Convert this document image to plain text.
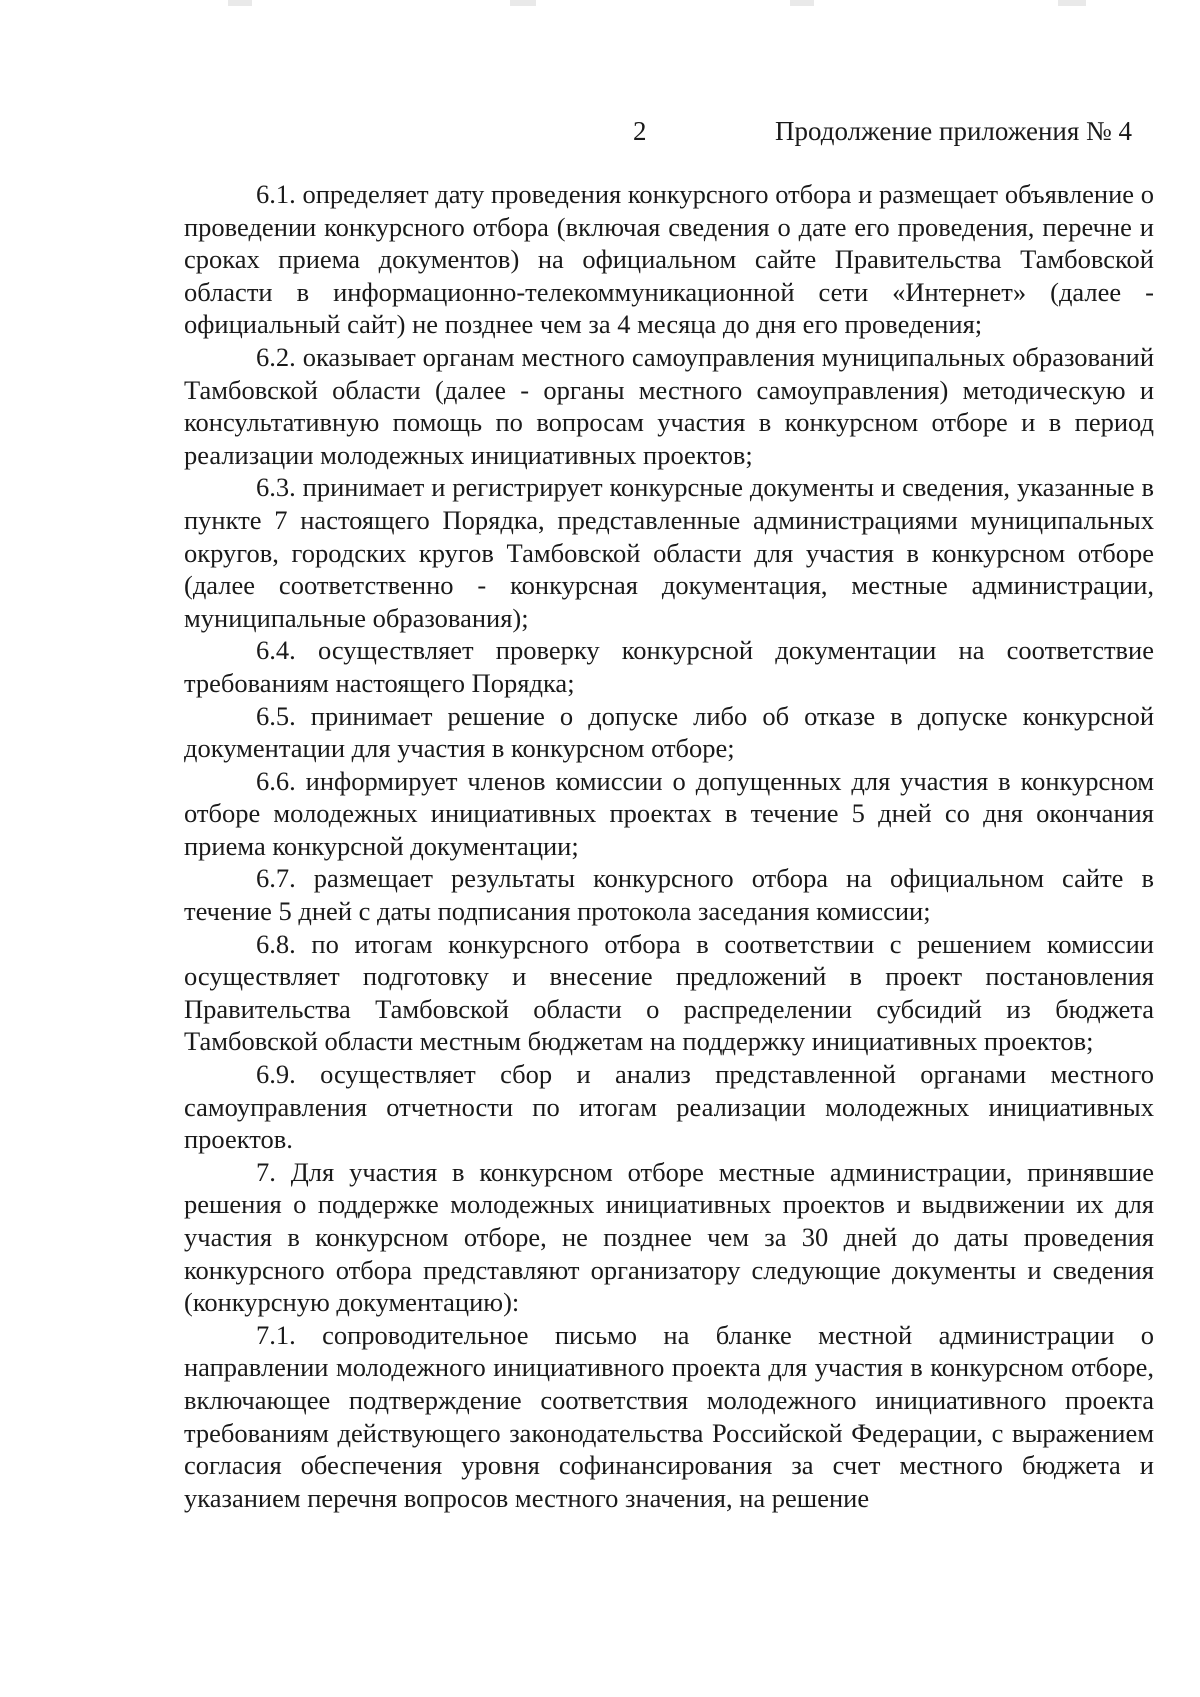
2	Продолжение приложения № 4

6.1. определяет дату проведения конкурсного отбора и размещает объявление о проведении конкурсного отбора (включая сведения о дате его проведения, перечне и сроках приема документов) на официальном сайте Правительства Тамбовской области в информационно-телекоммуникационной сети «Интернет» (далее - официальный сайт) не позднее чем за 4 месяца до дня его проведения;

6.2. оказывает органам местного самоуправления муниципальных образований Тамбовской области (далее - органы местного самоуправления) методическую и консультативную помощь по вопросам участия в конкурсном отборе и в период реализации молодежных инициативных проектов;

6.3. принимает и регистрирует конкурсные документы и сведения, указанные в пункте 7 настоящего Порядка, представленные администрациями муниципальных округов, городских кругов Тамбовской области для участия в конкурсном отборе (далее соответственно - конкурсная документация, местные администрации, муниципальные образования);

6.4. осуществляет проверку конкурсной документации на соответствие требованиям настоящего Порядка;

6.5. принимает решение о допуске либо об отказе в допуске конкурсной документации для участия в конкурсном отборе;

6.6. информирует членов комиссии о допущенных для участия в конкурсном отборе молодежных инициативных проектах в течение 5 дней со дня окончания приема конкурсной документации;

6.7. размещает результаты конкурсного отбора на официальном сайте в течение 5 дней с даты подписания протокола заседания комиссии;

6.8. по итогам конкурсного отбора в соответствии с решением комиссии осуществляет подготовку и внесение предложений в проект постановления Правительства Тамбовской области о распределении субсидий из бюджета Тамбовской области местным бюджетам на поддержку инициативных проектов;

6.9. осуществляет сбор и анализ представленной органами местного самоуправления отчетности по итогам реализации молодежных инициативных проектов.

7. Для участия в конкурсном отборе местные администрации, принявшие решения о поддержке молодежных инициативных проектов и выдвижении их для участия в конкурсном отборе, не позднее чем за 30 дней до даты проведения конкурсного отбора представляют организатору следующие документы и сведения (конкурсную документацию):

7.1. сопроводительное письмо на бланке местной администрации о направлении молодежного инициативного проекта для участия в конкурсном отборе, включающее подтверждение соответствия молодежного инициативного проекта требованиям действующего законодательства Российской Федерации, с выражением согласия обеспечения уровня софинансирования за счет местного бюджета и указанием перечня вопросов местного значения, на решение
